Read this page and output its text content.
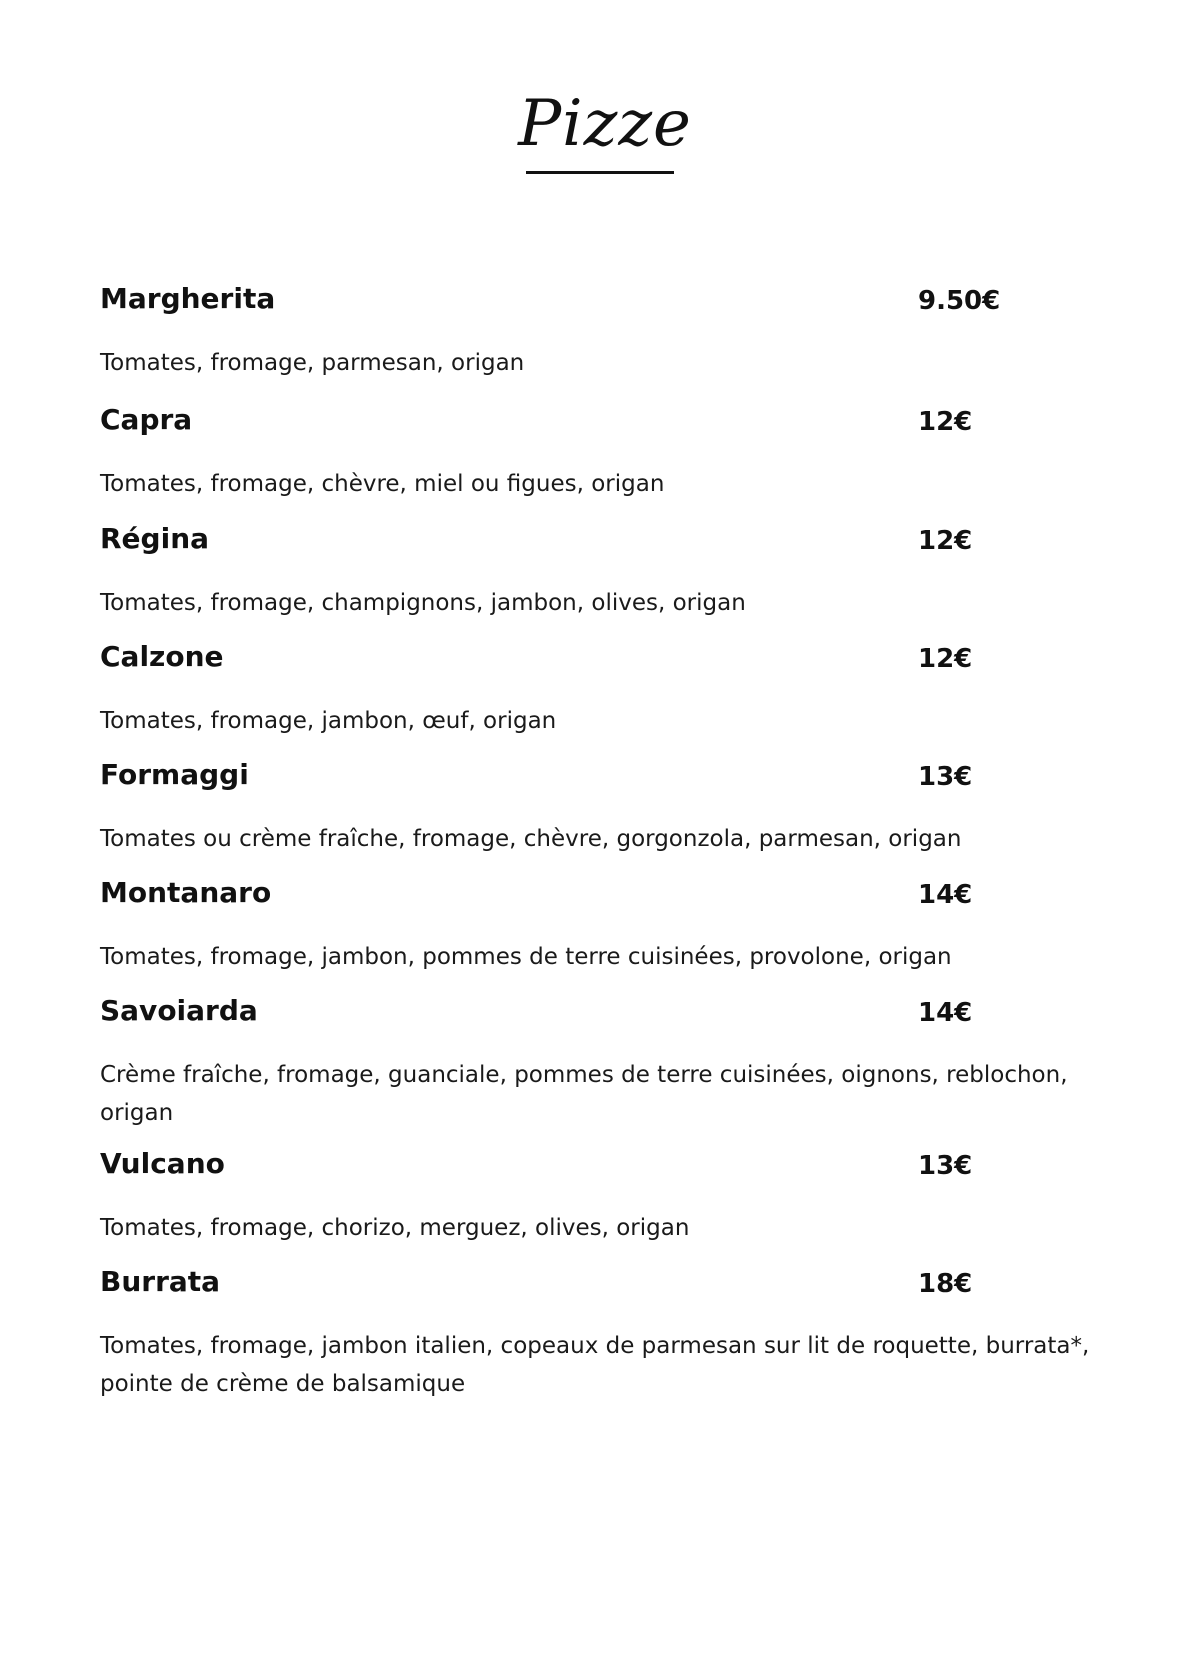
Pizze
Margherita	9.50€
Tomates, fromage, parmesan, origan
Capra	12€
Tomates, fromage, chèvre, miel ou figues, origan
Régina	12€
Tomates, fromage, champignons, jambon, olives, origan
Calzone	12€
Tomates, fromage, jambon, œuf, origan
Formaggi	13€
Tomates ou crème fraîche, fromage, chèvre, gorgonzola, parmesan, origan
Montanaro	14€
Tomates, fromage, jambon, pommes de terre cuisinées, provolone, origan
Savoiarda	14€
Crème fraîche, fromage, guanciale, pommes de terre cuisinées, oignons, reblochon, origan
Vulcano	13€
Tomates, fromage, chorizo, merguez, olives, origan
Burrata	18€
Tomates, fromage, jambon italien, copeaux de parmesan sur lit de roquette, burrata*, pointe de crème de balsamique
